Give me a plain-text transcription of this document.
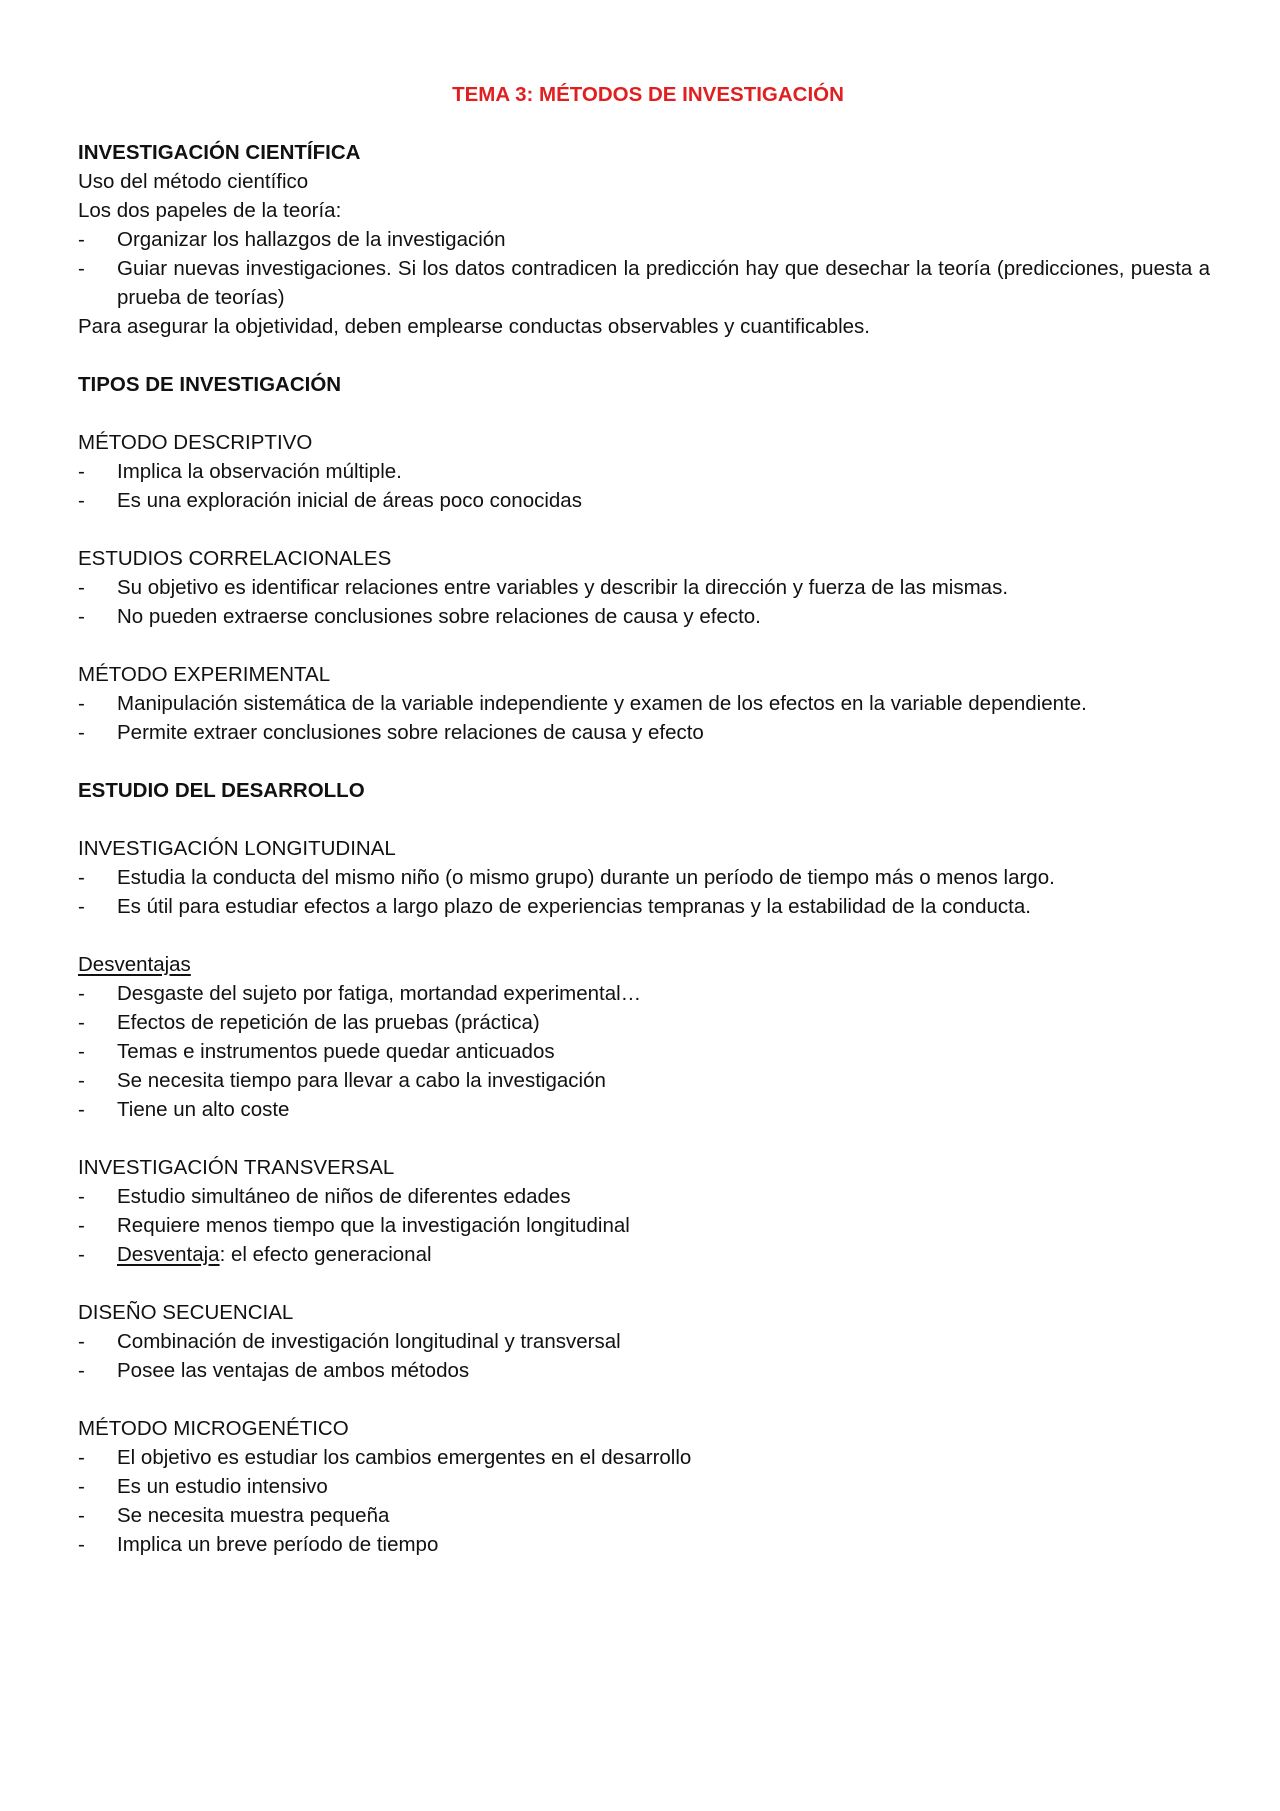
TEMA 3: MÉTODOS DE INVESTIGACIÓN
INVESTIGACIÓN CIENTÍFICA
Uso del método científico
Los dos papeles de la teoría:
-	Organizar los hallazgos de la investigación
-	Guiar nuevas investigaciones. Si los datos contradicen la predicción hay que desechar la teoría (predicciones, puesta a prueba de teorías)
Para asegurar la objetividad, deben emplearse conductas observables y cuantificables.
TIPOS DE INVESTIGACIÓN
MÉTODO DESCRIPTIVO
-	Implica la observación múltiple.
-	Es una exploración inicial de áreas poco conocidas
ESTUDIOS CORRELACIONALES
-	Su objetivo es identificar relaciones entre variables y describir la dirección y fuerza de las mismas.
-	No pueden extraerse conclusiones sobre relaciones de causa y efecto.
MÉTODO EXPERIMENTAL
-	Manipulación sistemática de la variable independiente y examen de los efectos en la variable dependiente.
-	Permite extraer conclusiones sobre relaciones de causa y efecto
ESTUDIO DEL DESARROLLO
INVESTIGACIÓN LONGITUDINAL
-	Estudia la conducta del mismo niño (o mismo grupo) durante un período de tiempo más o menos largo.
-	Es útil para estudiar efectos a largo plazo de experiencias tempranas y la estabilidad de la conducta.
Desventajas
-	Desgaste del sujeto por fatiga, mortandad experimental…
-	Efectos de repetición de las pruebas (práctica)
-	Temas e instrumentos puede quedar anticuados
-	Se necesita tiempo para llevar a cabo la investigación
-	Tiene un alto coste
INVESTIGACIÓN TRANSVERSAL
-	Estudio simultáneo de niños de diferentes edades
-	Requiere menos tiempo que la investigación longitudinal
-	Desventaja: el efecto generacional
DISEÑO SECUENCIAL
-	Combinación de investigación longitudinal y transversal
-	Posee las ventajas de ambos métodos
MÉTODO MICROGENÉTICO
-	El objetivo es estudiar los cambios emergentes en el desarrollo
-	Es un estudio intensivo
-	Se necesita muestra pequeña
-	Implica un breve período de tiempo
